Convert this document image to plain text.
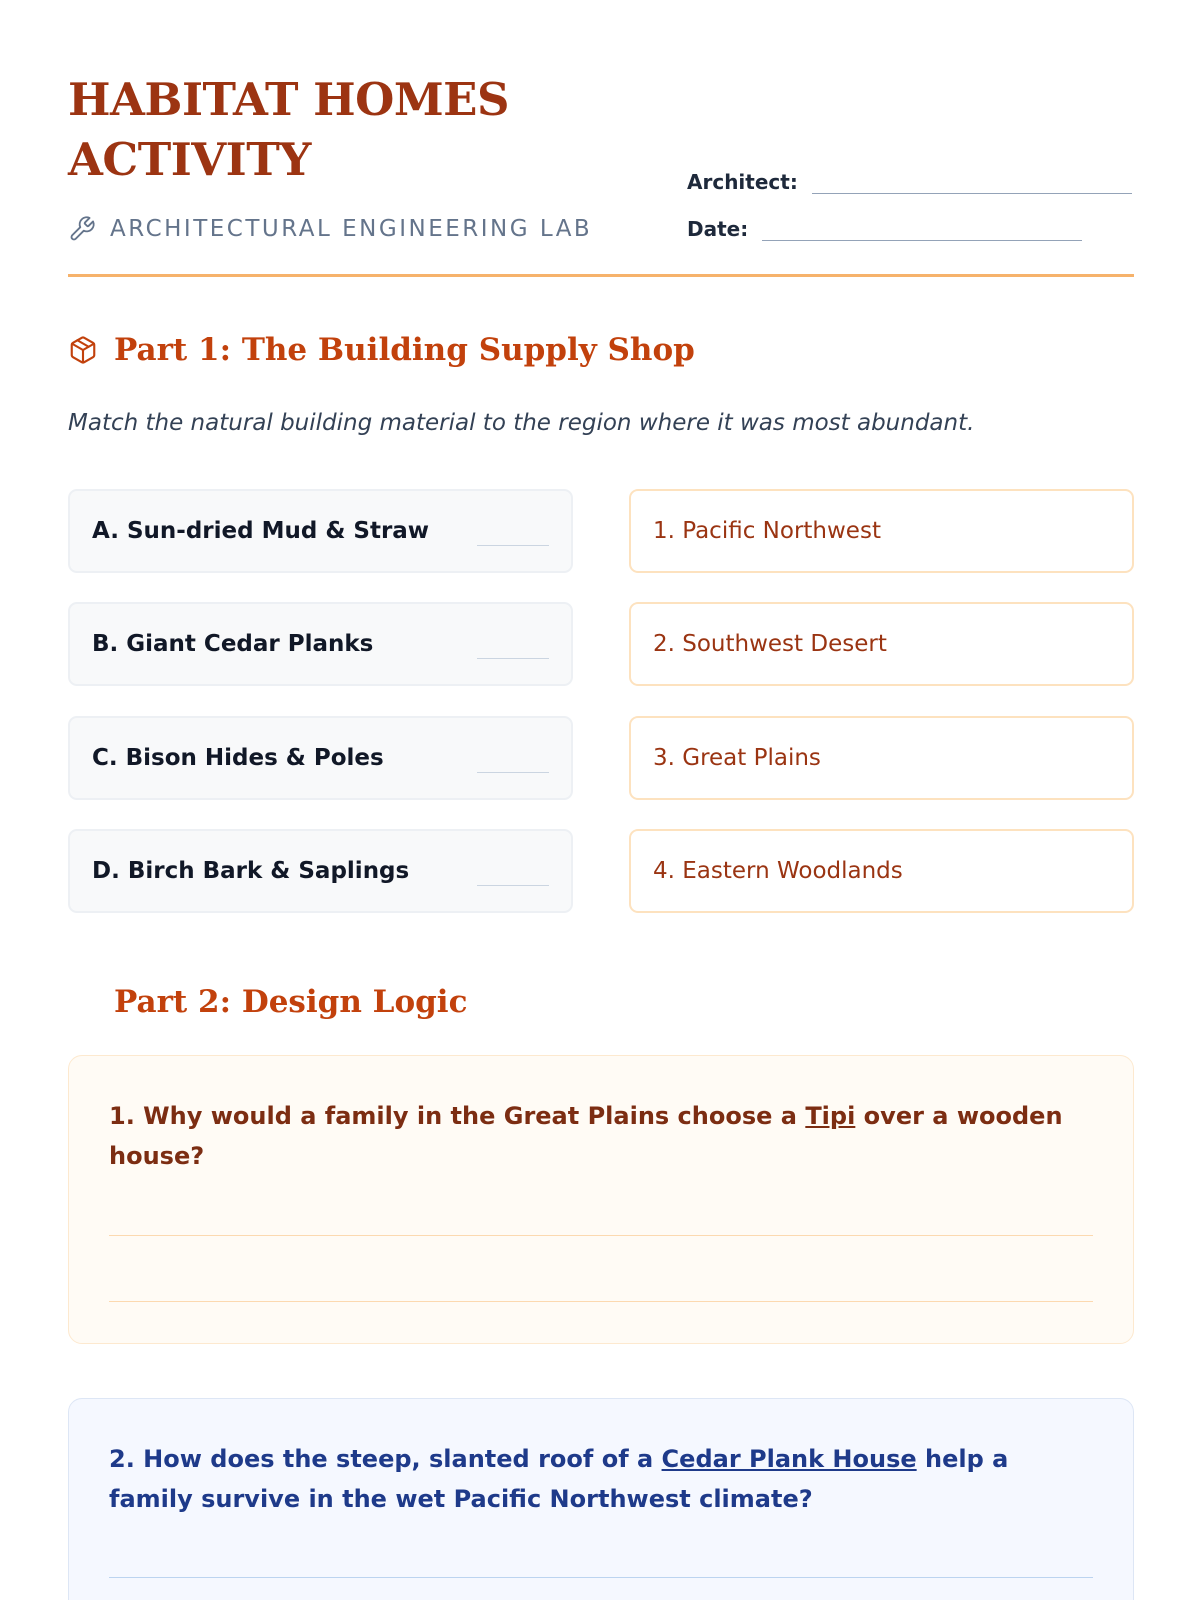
HABITAT HOMES ACTIVITY
ARCHITECTURAL ENGINEERING LAB
Architect:
Date:
Part 1: The Building Supply Shop

Match the natural building material to the region where it was most abundant.

A. Sun-dried Mud & Straw
B. Giant Cedar Planks
C. Bison Hides & Poles
D. Birch Bark & Saplings
1. Pacific Northwest
2. Southwest Desert
3. Great Plains
4. Eastern Woodlands
Part 2: Design Logic

1. Why would a family in the Great Plains choose a Tipi over a wooden house?

2. How does the steep, slanted roof of a Cedar Plank House help a family survive in the wet Pacific Northwest climate?
